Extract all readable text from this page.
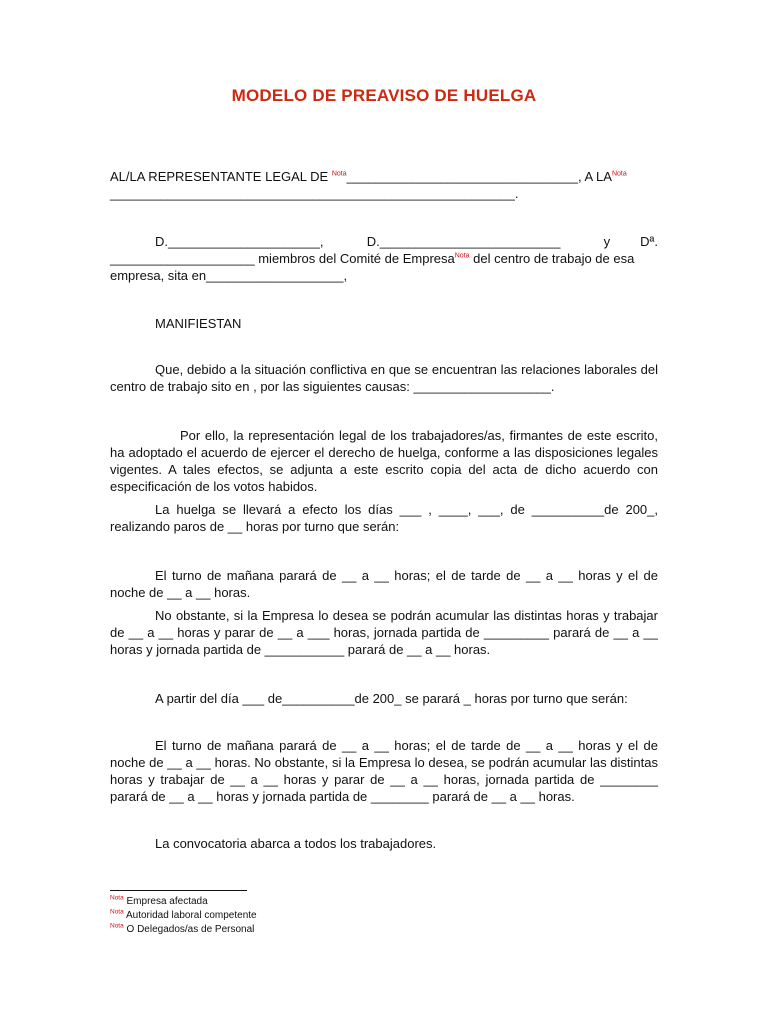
MODELO DE PREAVISO DE HUELGA
AL/LA REPRESENTANTE LEGAL DE $^{Nota}$________________________________, A $LA^{Nota}$
________________________________________________________.
D._____________________,	D._________________________	y Dª.
____________________ miembros del Comité de Empresa$^{Nota}$ del centro de trabajo de esa
empresa, sita en___________________,
MANIFIESTAN
Que, debido a la situación conflictiva en que se encuentran las relaciones laborales del centro de trabajo sito en , por las siguientes causas: ___________________.
Por ello, la representación legal de los trabajadores/as, firmantes de este escrito, ha adoptado el acuerdo de ejercer el derecho de huelga, conforme a las disposiciones legales vigentes. A tales efectos, se adjunta a este escrito copia del acta de dicho acuerdo con especificación de los votos habidos.
La huelga se llevará a efecto los días ___ , ____, ___, de __________de 200_, realizando paros de __ horas por turno que serán:
El turno de mañana parará de __ a __ horas; el de tarde de __ a __ horas y el de noche de __ a __ horas.
No obstante, si la Empresa lo desea se podrán acumular las distintas horas y trabajar de __ a __ horas y parar de __ a ___ horas, jornada partida de _________ parará de __ a __ horas y jornada partida de ___________ parará de __ a __ horas.
A partir del día ___ de__________de 200_ se parará _ horas por turno que serán:
El turno de mañana parará de __ a __ horas; el de tarde de __ a __ horas y el de noche de __ a __ horas. No obstante, si la Empresa lo desea, se podrán acumular las distintas horas y trabajar de __ a __ horas y parar de __ a __ horas, jornada partida de ________ parará de __ a __ horas y jornada partida de ________ parará de __ a __ horas.
La convocatoria abarca a todos los trabajadores.
$^{Nota}$ Empresa afectada
$^{Nota}$ Autoridad laboral competente
$^{Nota}$ O Delegados/as de Personal
